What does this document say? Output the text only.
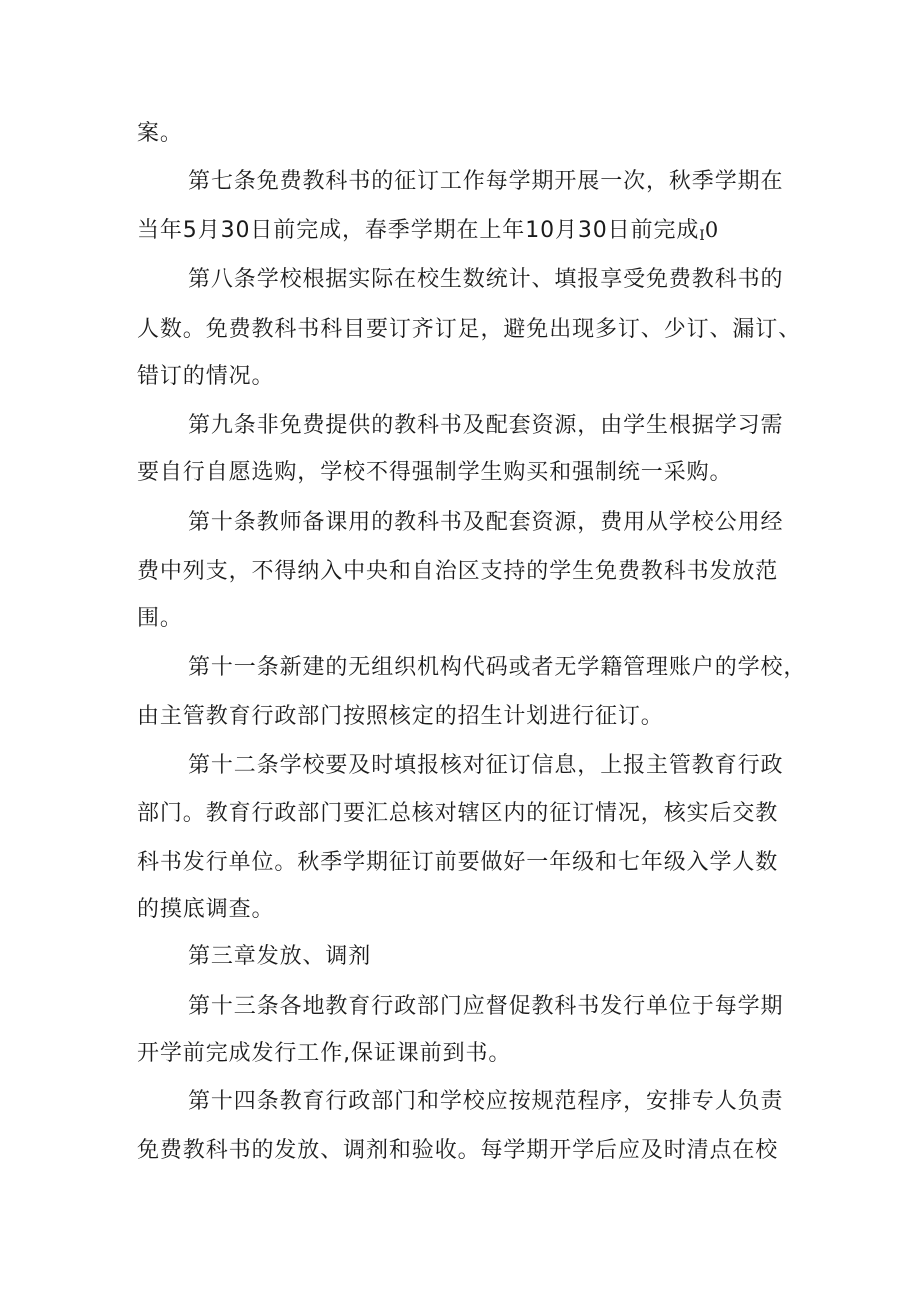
案。
第七条免费教科书的征订工作每学期开展一次，秋季学期在
当年5月30日前完成，春季学期在上年10月30日前完成I0
第八条学校根据实际在校生数统计、填报享受免费教科书的
人数。免费教科书科目要订齐订足，避免出现多订、少订、漏订、
错订的情况。
第九条非免费提供的教科书及配套资源，由学生根据学习需
要自行自愿选购，学校不得强制学生购买和强制统一采购。
第十条教师备课用的教科书及配套资源，费用从学校公用经
费中列支，不得纳入中央和自治区支持的学生免费教科书发放范
围。
第十一条新建的无组织机构代码或者无学籍管理账户的学校，
由主管教育行政部门按照核定的招生计划进行征订。
第十二条学校要及时填报核对征订信息，上报主管教育行政
部门。教育行政部门要汇总核对辖区内的征订情况，核实后交教
科书发行单位。秋季学期征订前要做好一年级和七年级入学人数
的摸底调查。
第三章发放、调剂
第十三条各地教育行政部门应督促教科书发行单位于每学期
开学前完成发行工作,保证课前到书。
第十四条教育行政部门和学校应按规范程序，安排专人负责
免费教科书的发放、调剂和验收。每学期开学后应及时清点在校
